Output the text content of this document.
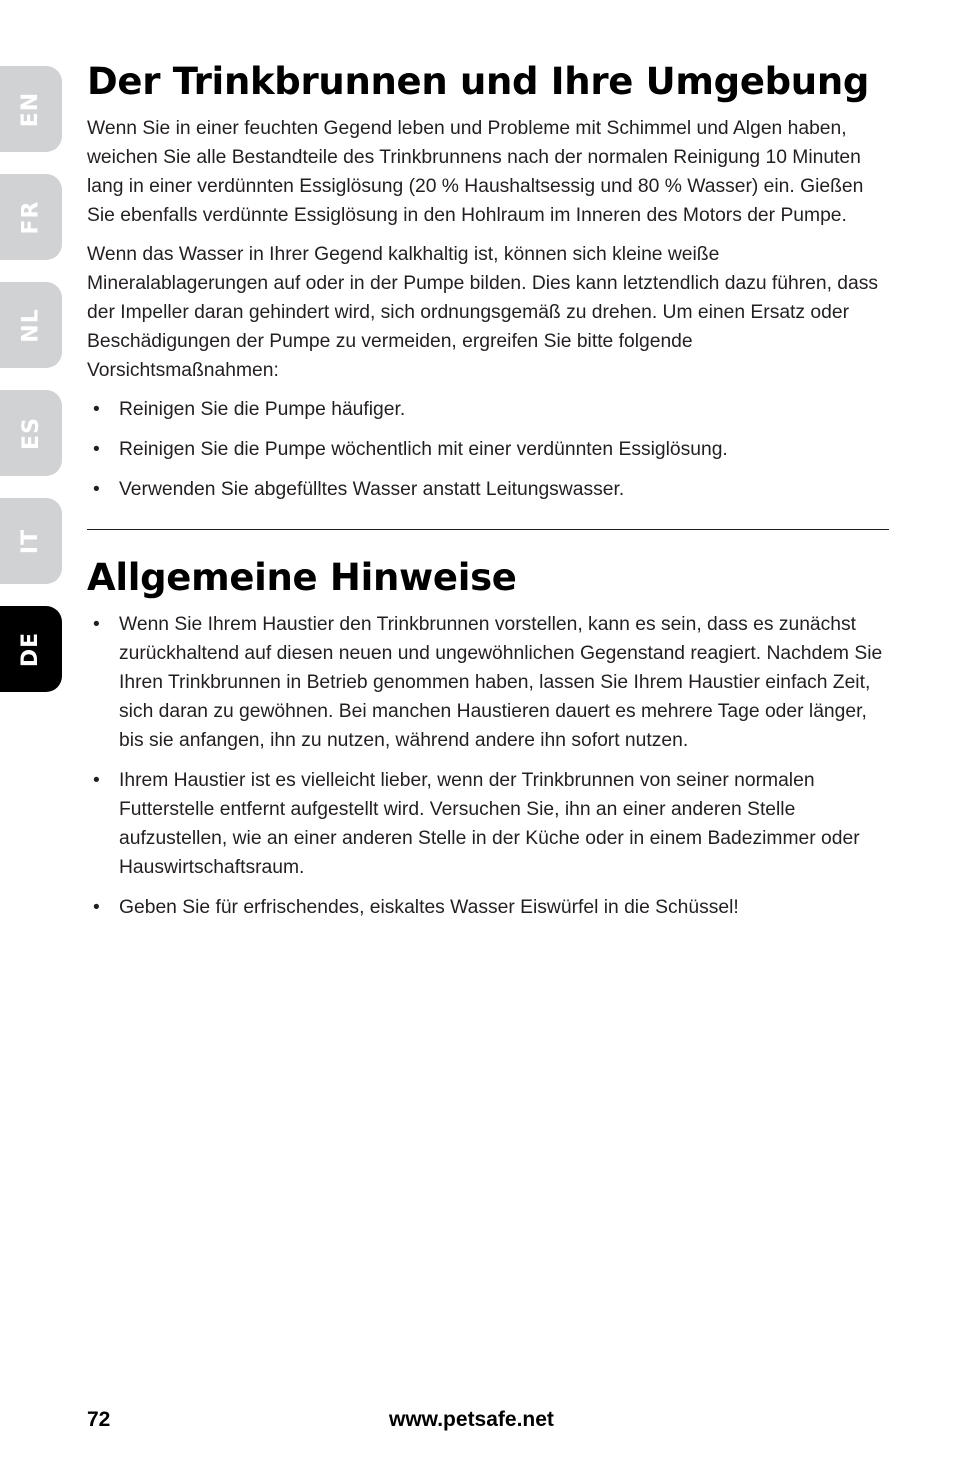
EN
FR
NL
ES
IT
DE
Der Trinkbrunnen und Ihre Umgebung

Wenn Sie in einer feuchten Gegend leben und Probleme mit Schimmel und Algen haben, weichen Sie alle Bestandteile des Trinkbrunnens nach der normalen Reinigung 10 Minuten lang in einer verdünnten Essiglösung (20 % Haushaltsessig und 80 % Wasser) ein. Gießen Sie ebenfalls verdünnte Essiglösung in den Hohlraum im Inneren des Motors der Pumpe.

Wenn das Wasser in Ihrer Gegend kalkhaltig ist, können sich kleine weiße Mineralablagerungen auf oder in der Pumpe bilden. Dies kann letztendlich dazu führen, dass der Impeller daran gehindert wird, sich ordnungsgemäß zu drehen. Um einen Ersatz oder Beschädigungen der Pumpe zu vermeiden, ergreifen Sie bitte folgende Vorsichtsmaßnahmen:

• Reinigen Sie die Pumpe häufiger.
• Reinigen Sie die Pumpe wöchentlich mit einer verdünnten Essiglösung.
• Verwenden Sie abgefülltes Wasser anstatt Leitungswasser.
Allgemeine Hinweise
• Wenn Sie Ihrem Haustier den Trinkbrunnen vorstellen, kann es sein, dass es zunächst zurückhaltend auf diesen neuen und ungewöhnlichen Gegenstand reagiert. Nachdem Sie Ihren Trinkbrunnen in Betrieb genommen haben, lassen Sie Ihrem Haustier einfach Zeit, sich daran zu gewöhnen. Bei manchen Haustieren dauert es mehrere Tage oder länger, bis sie anfangen, ihn zu nutzen, während andere ihn sofort nutzen.
• Ihrem Haustier ist es vielleicht lieber, wenn der Trinkbrunnen von seiner normalen Futterstelle entfernt aufgestellt wird. Versuchen Sie, ihn an einer anderen Stelle aufzustellen, wie an einer anderen Stelle in der Küche oder in einem Badezimmer oder Hauswirtschaftsraum.
• Geben Sie für erfrischendes, eiskaltes Wasser Eiswürfel in die Schüssel!
72	www.petsafe.net
